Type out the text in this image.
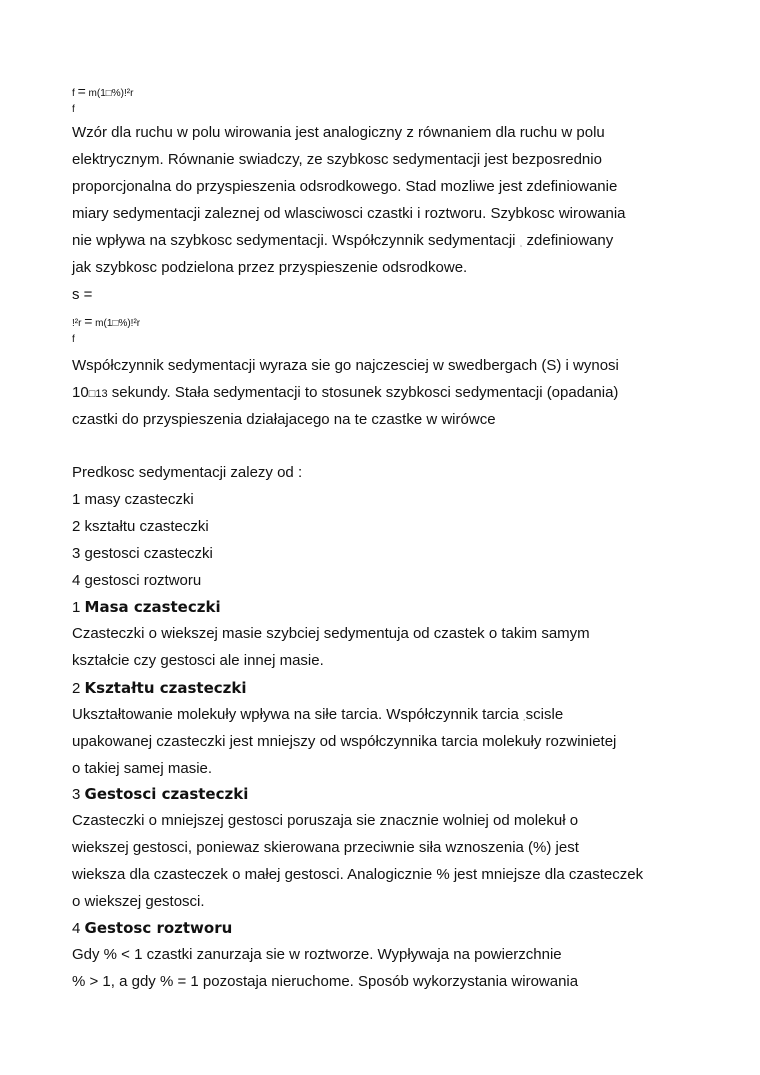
f = m(1□%)!²r
f
Wzór dla ruchu w polu wirowania jest analogiczny z równaniem dla ruchu w polu
elektrycznym. Równanie swiadczy, ze szybkosc sedymentacji jest bezposrednio
proporcjonalna do przyspieszenia odsrodkowego. Stad mozliwe jest zdefiniowanie
miary sedymentacji zaleznej od wlasciwosci czastki i roztworu. Szybkosc wirowania
nie wpływa na szybkosc sedymentacji. Współczynnik sedymentacji ¸ zdefiniowany
jak szybkosc podzielona przez przyspieszenie odsrodkowe.
s =
!²r = m(1□%)!²r
f
Współczynnik sedymentacji wyraza sie go najczesciej w swedbergach (S) i wynosi
10□13 sekundy. Stała sedymentacji to stosunek szybkosci sedymentacji (opadania)
czastki do przyspieszenia działajacego na te czastke w wirówce
Predkosc sedymentacji zalezy od :
1 masy czasteczki
2 kształtu czasteczki
3 gestosci czasteczki
4 gestosci roztworu
1 Masa czasteczki
Czasteczki o wiekszej masie szybciej sedymentuja od czastek o takim samym
kształcie czy gestosci ale innej masie.
2 Kształtu czasteczki
Ukształtowanie molekuły wpływa na siłe tarcia. Współczynnik tarcia ¸scisle
upakowanej czasteczki jest mniejszy od współczynnika tarcia molekuły rozwinietej
o takiej samej masie.
3 Gestosci czasteczki
Czasteczki o mniejszej gestosci poruszaja sie znacznie wolniej od molekuł o
wiekszej gestosci, poniewaz skierowana przeciwnie siła wznoszenia (%) jest
wieksza dla czasteczek o małej gestosci. Analogicznie % jest mniejsze dla czasteczek
o wiekszej gestosci.
4 Gestosc roztworu
Gdy % < 1 czastki zanurzaja sie w roztworze. Wypływaja na powierzchnie
% > 1, a gdy % = 1 pozostaja nieruchome. Sposób wykorzystania wirowania
